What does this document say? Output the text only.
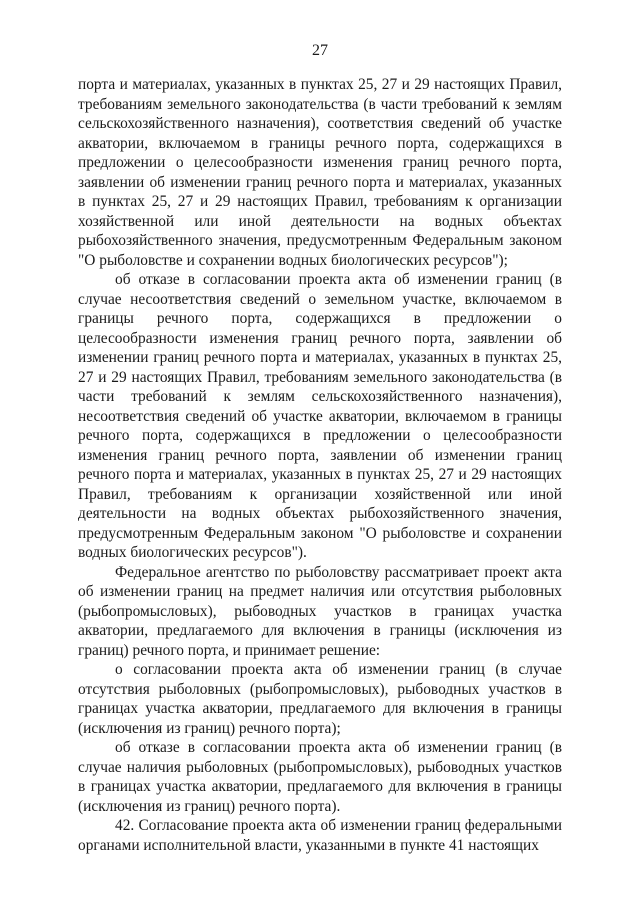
27

порта и материалах, указанных в пунктах 25, 27 и 29 настоящих Правил, требованиям земельного законодательства (в части требований к землям сельскохозяйственного назначения), соответствия сведений об участке акватории, включаемом в границы речного порта, содержащихся в предложении о целесообразности изменения границ речного порта, заявлении об изменении границ речного порта и материалах, указанных в пунктах 25, 27 и 29 настоящих Правил, требованиям к организации хозяйственной или иной деятельности на водных объектах рыбохозяйственного значения, предусмотренным Федеральным законом "О рыболовстве и сохранении водных биологических ресурсов");

об отказе в согласовании проекта акта об изменении границ (в случае несоответствия сведений о земельном участке, включаемом в границы речного порта, содержащихся в предложении о целесообразности изменения границ речного порта, заявлении об изменении границ речного порта и материалах, указанных в пунктах 25, 27 и 29 настоящих Правил, требованиям земельного законодательства (в части требований к землям сельскохозяйственного назначения), несоответствия сведений об участке акватории, включаемом в границы речного порта, содержащихся в предложении о целесообразности изменения границ речного порта, заявлении об изменении границ речного порта и материалах, указанных в пунктах 25, 27 и 29 настоящих Правил, требованиям к организации хозяйственной или иной деятельности на водных объектах рыбохозяйственного значения, предусмотренным Федеральным законом "О рыболовстве и сохранении водных биологических ресурсов").

Федеральное агентство по рыболовству рассматривает проект акта об изменении границ на предмет наличия или отсутствия рыболовных (рыбопромысловых), рыбоводных участков в границах участка акватории, предлагаемого для включения в границы (исключения из границ) речного порта, и принимает решение:

о согласовании проекта акта об изменении границ (в случае отсутствия рыболовных (рыбопромысловых), рыбоводных участков в границах участка акватории, предлагаемого для включения в границы (исключения из границ) речного порта);

об отказе в согласовании проекта акта об изменении границ (в случае наличия рыболовных (рыбопромысловых), рыбоводных участков в границах участка акватории, предлагаемого для включения в границы (исключения из границ) речного порта).

42. Согласование проекта акта об изменении границ федеральными органами исполнительной власти, указанными в пункте 41 настоящих
